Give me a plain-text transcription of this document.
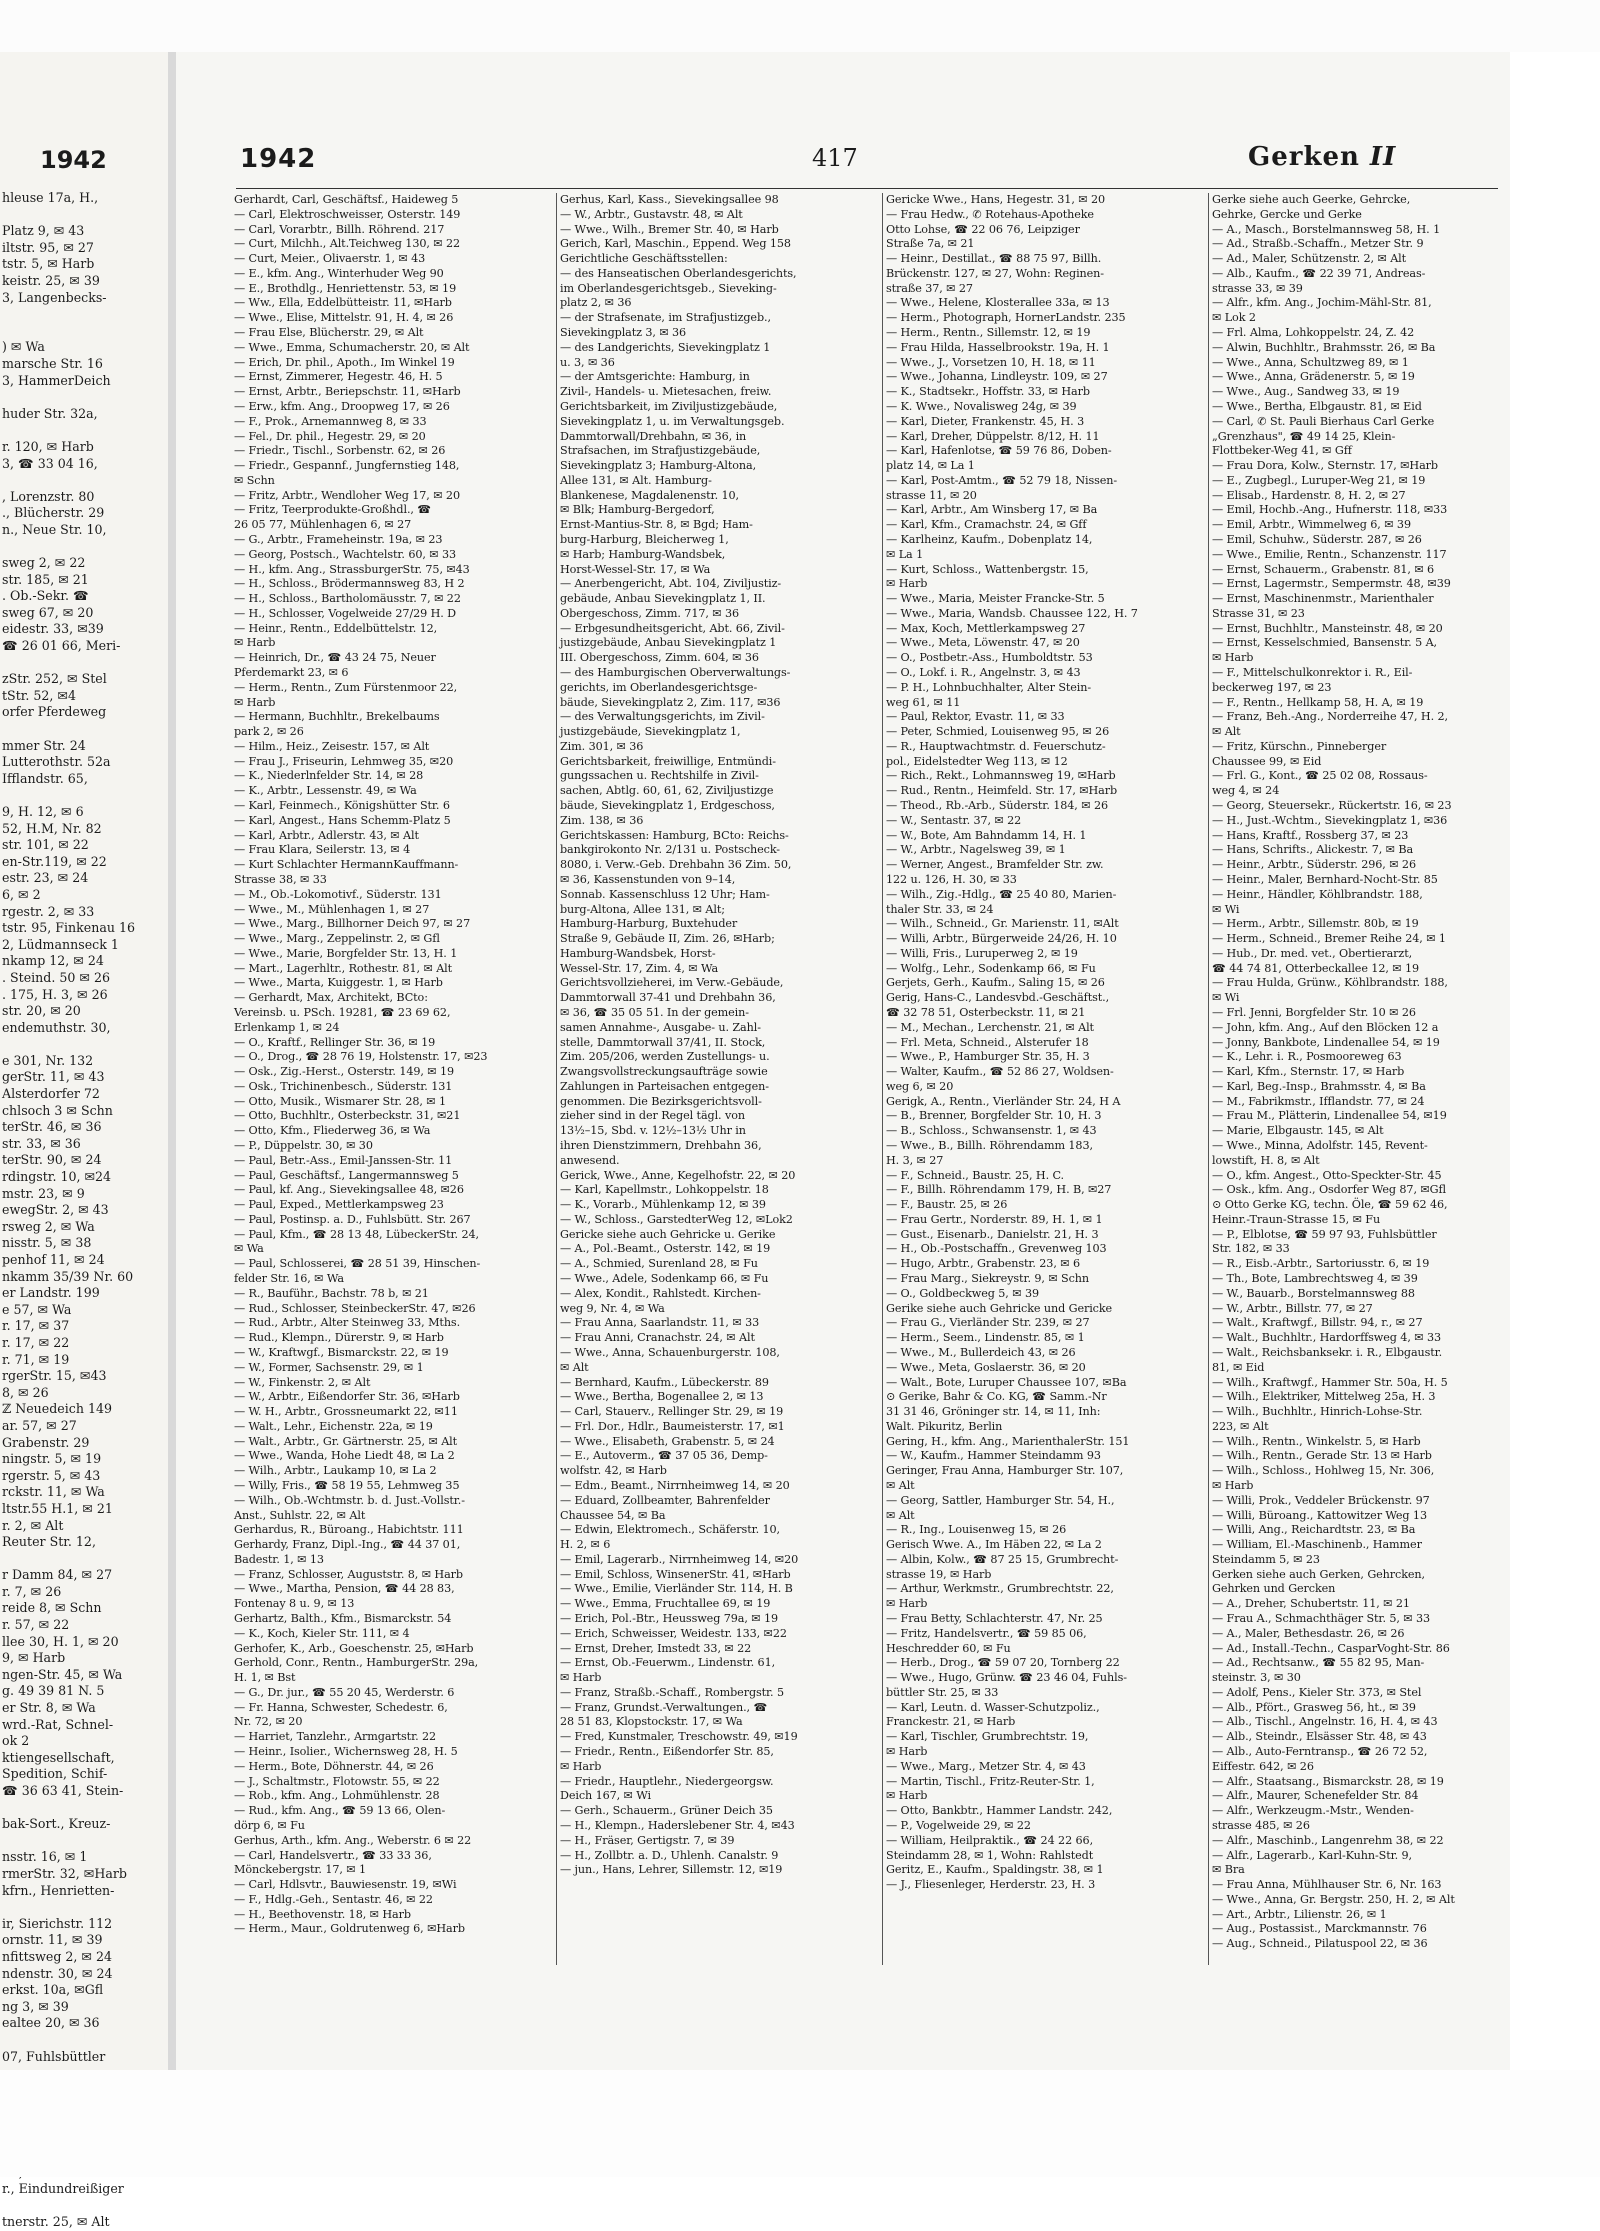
1942
hleuse 17a, H.,

Platz 9, ✉ 43
iltstr. 95, ✉ 27
tstr. 5, ✉ Harb
keistr. 25, ✉ 39
3, Langenbecks-

) ✉ Wa
marsche Str. 16
3, HammerDeich

huder Str. 32a,

r. 120, ✉ Harb
3, ☎ 33 04 16,

, Lorenzstr. 80
., Blücherstr. 29
n., Neue Str. 10,

sweg 2, ✉ 22
str. 185, ✉ 21
. Ob.-Sekr. ☎
sweg 67, ✉ 20
eidestr. 33, ✉39
☎ 26 01 66, Meri-

zStr. 252, ✉ Stel
tStr. 52, ✉4
orfer Pferdeweg

mmer Str. 24
Lutterothstr. 52a
Ifflandstr. 65,

9, H. 12, ✉ 6
52, H.M, Nr. 82
str. 101, ✉ 22
en-Str.119, ✉ 22
estr. 23, ✉ 24
6, ✉ 2
rgestr. 2, ✉ 33
tstr. 95, Finkenau 16
2, Lüdmannseck 1
nkamp 12, ✉ 24
. Steind. 50 ✉ 26
. 175, H. 3, ✉ 26
str. 20, ✉ 20
endemuthstr. 30,

e 301, Nr. 132
gerStr. 11, ✉ 43
Alsterdorfer 72
chlsoch 3 ✉ Schn
terStr. 46, ✉ 36
str. 33, ✉ 36
terStr. 90, ✉ 24
rdingstr. 10, ✉24
mstr. 23, ✉ 9
ewegStr. 2, ✉ 43
rsweg 2, ✉ Wa
nisstr. 5, ✉ 38
penhof 11, ✉ 24
nkamm 35/39 Nr. 60
er Landstr. 199
e 57, ✉ Wa
r. 17, ✉ 37
r. 17, ✉ 22
r. 71, ✉ 19
rgerStr. 15, ✉43
8, ✉ 26
ℤ Neuedeich 149
ar. 57, ✉ 27
Grabenstr. 29
ningstr. 5, ✉ 19
rgerstr. 5, ✉ 43
rckstr. 11, ✉ Wa
ltstr.55 H.1, ✉ 21
r. 2, ✉ Alt
Reuter Str. 12,

r Damm 84, ✉ 27
r. 7, ✉ 26
reide 8, ✉ Schn
r. 57, ✉ 22
llee 30, H. 1, ✉ 20
9, ✉ Harb
ngen-Str. 45, ✉ Wa
g. 49 39 81 N. 5
er Str. 8, ✉ Wa
wrd.-Rat, Schnel-
ok 2
ktiengesellschaft,
Spedition, Schif-
☎ 36 63 41, Stein-

bak-Sort., Kreuz-

nsstr. 16, ✉ 1
rmerStr. 32, ✉Harb
kfrn., Henrietten-

ir, Sierichstr. 112
ornstr. 11, ✉ 39
nfittsweg 2, ✉ 24
ndenstr. 30, ✉ 24
erkst. 10a, ✉Gfl
ng 3, ✉ 39
ealtee 20, ✉ 36

07, Fuhlsbüttler

r., Eindundreißiger

tnerstr. 25, ✉ Alt
1942	417	Gerken II
Gerhardt, Carl, Geschäftsf., Haideweg 5
— Carl, Elektroschweisser, Osterstr. 149
— Carl, Vorarbtr., Billh. Röhrend. 217
— Curt, Milchh., Alt.Teichweg 130, ✉ 22
— Curt, Meier., Olivaerstr. 1, ✉ 43
— E., kfm. Ang., Winterhuder Weg 90
— E., Brothdlg., Henriettenstr. 53, ✉ 19
— Ww., Ella, Eddelbütteistr. 11, ✉Harb
— Wwe., Elise, Mittelstr. 91, H. 4, ✉ 26
— Frau Else, Blücherstr. 29, ✉ Alt
— Wwe., Emma, Schumacherstr. 20, ✉ Alt
— Erich, Dr. phil., Apoth., Im Winkel 19
— Ernst, Zimmerer, Hegestr. 46, H. 5
— Ernst, Arbtr., Beriepschstr. 11, ✉Harb
— Erw., kfm. Ang., Droopweg 17, ✉ 26
— F., Prok., Arnemannweg 8, ✉ 33
— Fel., Dr. phil., Hegestr. 29, ✉ 20
— Friedr., Tischl., Sorbenstr. 62, ✉ 26
— Friedr., Gespannf., Jungfernstieg 148,
✉ Schn
— Fritz, Arbtr., Wendloher Weg 17, ✉ 20
— Fritz, Teerprodukte-Großhdl., ☎
26 05 77, Mühlenhagen 6, ✉ 27
— G., Arbtr., Frameheinstr. 19a, ✉ 23
— Georg, Postsch., Wachtelstr. 60, ✉ 33
— H., kfm. Ang., StrassburgerStr. 75, ✉43
— H., Schloss., Brödermannsweg 83, H 2
— H., Schloss., Bartholomäusstr. 7, ✉ 22
— H., Schlosser, Vogelweide 27/29 H. D
— Heinr., Rentn., Eddelbüttelstr. 12,
✉ Harb
— Heinrich, Dr., ☎ 43 24 75, Neuer
Pferdemarkt 23, ✉ 6
— Herm., Rentn., Zum Fürstenmoor 22,
✉ Harb
— Hermann, Buchhltr., Brekelbaums
park 2, ✉ 26
— Hilm., Heiz., Zeisestr. 157, ✉ Alt
— Frau J., Friseurin, Lehmweg 35, ✉20
— K., Niederlnfelder Str. 14, ✉ 28
— K., Arbtr., Lessenstr. 49, ✉ Wa
— Karl, Feinmech., Königshütter Str. 6
— Karl, Angest., Hans Schemm-Platz 5
— Karl, Arbtr., Adlerstr. 43, ✉ Alt
— Frau Klara, Seilerstr. 13, ✉ 4
— Kurt Schlachter HermannKauffmann-
Strasse 38, ✉ 33
— M., Ob.-Lokomotivf., Süderstr. 131
— Wwe., M., Mühlenhagen 1, ✉ 27
— Wwe., Marg., Billhorner Deich 97, ✉ 27
— Wwe., Marg., Zeppelinstr. 2, ✉ Gfl
— Wwe., Marie, Borgfelder Str. 13, H. 1
— Mart., Lagerhltr., Rothestr. 81, ✉ Alt
— Wwe., Marta, Kuiggestr. 1, ✉ Harb
— Gerhardt, Max, Architekt, BCto:
Vereinsb. u. PSch. 19281, ☎ 23 69 62,
Erlenkamp 1, ✉ 24
— O., Kraftf., Rellinger Str. 36, ✉ 19
— O., Drog., ☎ 28 76 19, Holstenstr. 17, ✉23
— Osk., Zig.-Herst., Osterstr. 149, ✉ 19
— Osk., Trichinenbesch., Süderstr. 131
— Otto, Musik., Wismarer Str. 28, ✉ 1
— Otto, Buchhltr., Osterbeckstr. 31, ✉21
— Otto, Kfm., Fliederweg 36, ✉ Wa
— P., Düppelstr. 30, ✉ 30
— Paul, Betr.-Ass., Emil-Janssen-Str. 11
— Paul, Geschäftsf., Langermannsweg 5
— Paul, kf. Ang., Sievekingsallee 48, ✉26
— Paul, Exped., Mettlerkampsweg 23
— Paul, Postinsp. a. D., Fuhlsbütt. Str. 267
— Paul, Kfm., ☎ 28 13 48, LübeckerStr. 24,
✉ Wa
— Paul, Schlosserei, ☎ 28 51 39, Hinschen-
felder Str. 16, ✉ Wa
— R., Bauführ., Bachstr. 78 b, ✉ 21
— Rud., Schlosser, SteinbeckerStr. 47, ✉26
— Rud., Arbtr., Alter Steinweg 33, Mths.
— Rud., Klempn., Dürerstr. 9, ✉ Harb
— W., Kraftwgf., Bismarckstr. 22, ✉ 19
— W., Former, Sachsenstr. 29, ✉ 1
— W., Finkenstr. 2, ✉ Alt
— W., Arbtr., Eißendorfer Str. 36, ✉Harb
— W. H., Arbtr., Grossneumarkt 22, ✉11
— Walt., Lehr., Eichenstr. 22a, ✉ 19
— Walt., Arbtr., Gr. Gärtnerstr. 25, ✉ Alt
— Wwe., Wanda, Hohe Liedt 48, ✉ La 2
— Wilh., Arbtr., Laukamp 10, ✉ La 2
— Willy, Fris., ☎ 58 19 55, Lehmweg 35
— Wilh., Ob.-Wchtmstr. b. d. Just.-Vollstr.-
Anst., Suhlstr. 22, ✉ Alt
Gerhardus, R., Büroang., Habichtstr. 111
Gerhardy, Franz, Dipl.-Ing., ☎ 44 37 01,
Badestr. 1, ✉ 13
— Franz, Schlosser, Auguststr. 8, ✉ Harb
— Wwe., Martha, Pension, ☎ 44 28 83,
Fontenay 8 u. 9, ✉ 13
Gerhartz, Balth., Kfm., Bismarckstr. 54
— K., Koch, Kieler Str. 111, ✉ 4
Gerhofer, K., Arb., Goeschenstr. 25, ✉Harb
Gerhold, Conr., Rentn., HamburgerStr. 29a,
H. 1, ✉ Bst
— G., Dr. jur., ☎ 55 20 45, Werderstr. 6
— Fr. Hanna, Schwester, Schedestr. 6,
Nr. 72, ✉ 20
— Harriet, Tanzlehr., Armgartstr. 22
— Heinr., Isolier., Wichernsweg 28, H. 5
— Herm., Bote, Döhnerstr. 44, ✉ 26
— J., Schaltmstr., Flotowstr. 55, ✉ 22
— Rob., kfm. Ang., Lohmühlenstr. 28
— Rud., kfm. Ang., ☎ 59 13 66, Olen-
dörp 6, ✉ Fu
Gerhus, Arth., kfm. Ang., Weberstr. 6 ✉ 22
— Carl, Handelsvertr., ☎ 33 33 36,
Mönckebergstr. 17, ✉ 1
— Carl, Hdlsvtr., Bauwiesenstr. 19, ✉Wi
— F., Hdlg.-Geh., Sentastr. 46, ✉ 22
— H., Beethovenstr. 18, ✉ Harb
— Herm., Maur., Goldrutenweg 6, ✉Harb
Gerhus, Karl, Kass., Sievekingsallee 98
— W., Arbtr., Gustavstr. 48, ✉ Alt
— Wwe., Wilh., Bremer Str. 40, ✉ Harb
Gerich, Karl, Maschin., Eppend. Weg 158
Gerichtliche Geschäftsstellen:
— des Hanseatischen Oberlandesgerichts,
im Oberlandesgerichtsgeb., Sieveking-
platz 2, ✉ 36
— der Strafsenate, im Strafjustizgeb.,
Sievekingplatz 3, ✉ 36
— des Landgerichts, Sievekingplatz 1
u. 3, ✉ 36
— der Amtsgerichte: Hamburg, in
Zivil-, Handels- u. Mietesachen, freiw.
Gerichtsbarkeit, im Ziviljustizgebäude,
Sievekingplatz 1, u. im Verwaltungsgeb.
Dammtorwall/Drehbahn, ✉ 36, in
Strafsachen, im Strafjustizgebäude,
Sievekingplatz 3; Hamburg-Altona,
Allee 131, ✉ Alt. Hamburg-
Blankenese, Magdalenenstr. 10,
✉ Blk; Hamburg-Bergedorf,
Ernst-Mantius-Str. 8, ✉ Bgd; Ham-
burg-Harburg, Bleicherweg 1,
✉ Harb; Hamburg-Wandsbek,
Horst-Wessel-Str. 17, ✉ Wa
— Anerbengericht, Abt. 104, Ziviljustiz-
gebäude, Anbau Sievekingplatz 1, II.
Obergeschoss, Zimm. 717, ✉ 36
— Erbgesundheitsgericht, Abt. 66, Zivil-
justizgebäude, Anbau Sievekingplatz 1
III. Obergeschoss, Zimm. 604, ✉ 36
— des Hamburgischen Oberverwaltungs-
gerichts, im Oberlandesgerichtsge-
bäude, Sievekingplatz 2, Zim. 117, ✉36
— des Verwaltungsgerichts, im Zivil-
justizgebäude, Sievekingplatz 1,
Zim. 301, ✉ 36
Gerichtsbarkeit, freiwillige, Entmündi-
gungssachen u. Rechtshilfe in Zivil-
sachen, Abtlg. 60, 61, 62, Ziviljustizge
bäude, Sievekingplatz 1, Erdgeschoss,
Zim. 138, ✉ 36
Gerichtskassen: Hamburg, BCto: Reichs-
bankgirokonto Nr. 2/131 u. Postscheck-
8080, i. Verw.-Geb. Drehbahn 36 Zim. 50,
✉ 36, Kassenstunden von 9–14,
Sonnab. Kassenschluss 12 Uhr; Ham-
burg-Altona, Allee 131, ✉ Alt;
Hamburg-Harburg, Buxtehuder
Straße 9, Gebäude II, Zim. 26, ✉Harb;
Hamburg-Wandsbek, Horst-
Wessel-Str. 17, Zim. 4, ✉ Wa
Gerichtsvollzieherei, im Verw.-Gebäude,
Dammtorwall 37-41 und Drehbahn 36,
✉ 36, ☎ 35 05 51. In der gemein-
samen Annahme-, Ausgabe- u. Zahl-
stelle, Dammtorwall 37/41, II. Stock,
Zim. 205/206, werden Zustellungs- u.
Zwangsvollstreckungsaufträge sowie
Zahlungen in Parteisachen entgegen-
genommen. Die Bezirksgerichtsvoll-
zieher sind in der Regel tägl. von
13½–15, Sbd. v. 12½–13½ Uhr in
ihren Dienstzimmern, Drehbahn 36,
anwesend.
Gerick, Wwe., Anne, Kegelhofstr. 22, ✉ 20
— Karl, Kapellmstr., Lohkoppelstr. 18
— K., Vorarb., Mühlenkamp 12, ✉ 39
— W., Schloss., GarstedterWeg 12, ✉Lok2
Gericke siehe auch Gehricke u. Gerike
— A., Pol.-Beamt., Osterstr. 142, ✉ 19
— A., Schmied, Surenland 28, ✉ Fu
— Wwe., Adele, Sodenkamp 66, ✉ Fu
— Alex, Kondit., Rahlstedt. Kirchen-
weg 9, Nr. 4, ✉ Wa
— Frau Anna, Saarlandstr. 11, ✉ 33
— Frau Anni, Cranachstr. 24, ✉ Alt
— Wwe., Anna, Schauenburgerstr. 108,
✉ Alt
— Bernhard, Kaufm., Lübeckerstr. 89
— Wwe., Bertha, Bogenallee 2, ✉ 13
— Carl, Stauerv., Rellinger Str. 29, ✉ 19
— Frl. Dor., Hdlr., Baumeisterstr. 17, ✉1
— Wwe., Elisabeth, Grabenstr. 5, ✉ 24
— E., Autoverm., ☎ 37 05 36, Demp-
wolfstr. 42, ✉ Harb
— Edm., Beamt., Nirrnheimweg 14, ✉ 20
— Eduard, Zollbeamter, Bahrenfelder
Chaussee 54, ✉ Ba
— Edwin, Elektromech., Schäferstr. 10,
H. 2, ✉ 6
— Emil, Lagerarb., Nirrnheimweg 14, ✉20
— Emil, Schloss, WinsenerStr. 41, ✉Harb
— Wwe., Emilie, Vierländer Str. 114, H. B
— Wwe., Emma, Fruchtallee 69, ✉ 19
— Erich, Pol.-Btr., Heussweg 79a, ✉ 19
— Erich, Schweisser, Weidestr. 133, ✉22
— Ernst, Dreher, Imstedt 33, ✉ 22
— Ernst, Ob.-Feuerwm., Lindenstr. 61,
✉ Harb
— Franz, Straßb.-Schaff., Rombergstr. 5
— Franz, Grundst.-Verwaltungen., ☎
28 51 83, Klopstockstr. 17, ✉ Wa
— Fred, Kunstmaler, Treschowstr. 49, ✉19
— Friedr., Rentn., Eißendorfer Str. 85,
✉ Harb
— Friedr., Hauptlehr., Niedergeorgsw.
Deich 167, ✉ Wi
— Gerh., Schauerm., Grüner Deich 35
— H., Klempn., Haderslebener Str. 4, ✉43
— H., Fräser, Gertigstr. 7, ✉ 39
— H., Zollbtr. a. D., Uhlenh. Canalstr. 9
— jun., Hans, Lehrer, Sillemstr. 12, ✉19
Gericke Wwe., Hans, Hegestr. 31, ✉ 20
— Frau Hedw., ✆ Rotehaus-Apotheke
Otto Lohse, ☎ 22 06 76, Leipziger
Straße 7a, ✉ 21
— Heinr., Destillat., ☎ 88 75 97, Billh.
Brückenstr. 127, ✉ 27, Wohn: Reginen-
straße 37, ✉ 27
— Wwe., Helene, Klosterallee 33a, ✉ 13
— Herm., Photograph, HornerLandstr. 235
— Herm., Rentn., Sillemstr. 12, ✉ 19
— Frau Hilda, Hasselbrookstr. 19a, H. 1
— Wwe., J., Vorsetzen 10, H. 18, ✉ 11
— Wwe., Johanna, Lindleystr. 109, ✉ 27
— K., Stadtsekr., Hoffstr. 33, ✉ Harb
— K. Wwe., Novalisweg 24g, ✉ 39
— Karl, Dieter, Frankenstr. 45, H. 3
— Karl, Dreher, Düppelstr. 8/12, H. 11
— Karl, Hafenlotse, ☎ 59 76 86, Doben-
platz 14, ✉ La 1
— Karl, Post-Amtm., ☎ 52 79 18, Nissen-
strasse 11, ✉ 20
— Karl, Arbtr., Am Winsberg 17, ✉ Ba
— Karl, Kfm., Cramachstr. 24, ✉ Gff
— Karlheinz, Kaufm., Dobenplatz 14,
✉ La 1
— Kurt, Schloss., Wattenbergstr. 15,
✉ Harb
— Wwe., Maria, Meister Francke-Str. 5
— Wwe., Maria, Wandsb. Chaussee 122, H. 7
— Max, Koch, Mettlerkampsweg 27
— Wwe., Meta, Löwenstr. 47, ✉ 20
— O., Postbetr.-Ass., Humboldtstr. 53
— O., Lokf. i. R., Angelnstr. 3, ✉ 43
— P. H., Lohnbuchhalter, Alter Stein-
weg 61, ✉ 11
— Paul, Rektor, Evastr. 11, ✉ 33
— Peter, Schmied, Louisenweg 95, ✉ 26
— R., Hauptwachtmstr. d. Feuerschutz-
pol., Eidelstedter Weg 113, ✉ 12
— Rich., Rekt., Lohmannsweg 19, ✉Harb
— Rud., Rentn., Heimfeld. Str. 17, ✉Harb
— Theod., Rb.-Arb., Süderstr. 184, ✉ 26
— W., Sentastr. 37, ✉ 22
— W., Bote, Am Bahndamm 14, H. 1
— W., Arbtr., Nagelsweg 39, ✉ 1
— Werner, Angest., Bramfelder Str. zw.
122 u. 126, H. 30, ✉ 33
— Wilh., Zig.-Hdlg., ☎ 25 40 80, Marien-
thaler Str. 33, ✉ 24
— Wilh., Schneid., Gr. Marienstr. 11, ✉Alt
— Willi, Arbtr., Bürgerweide 24/26, H. 10
— Willi, Fris., Luruperweg 2, ✉ 19
— Wolfg., Lehr., Sodenkamp 66, ✉ Fu
Gerjets, Gerh., Kaufm., Saling 15, ✉ 26
Gerig, Hans-C., Landesvbd.-Geschäftst.,
☎ 32 78 51, Osterbeckstr. 11, ✉ 21
— M., Mechan., Lerchenstr. 21, ✉ Alt
— Frl. Meta, Schneid., Alsterufer 18
— Wwe., P., Hamburger Str. 35, H. 3
— Walter, Kaufm., ☎ 52 86 27, Woldsen-
weg 6, ✉ 20
Gerigk, A., Rentn., Vierländer Str. 24, H A
— B., Brenner, Borgfelder Str. 10, H. 3
— B., Schloss., Schwansenstr. 1, ✉ 43
— Wwe., B., Billh. Röhrendamm 183,
H. 3, ✉ 27
— F., Schneid., Baustr. 25, H. C.
— F., Billh. Röhrendamm 179, H. B, ✉27
— F., Baustr. 25, ✉ 26
— Frau Gertr., Norderstr. 89, H. 1, ✉ 1
— Gust., Eisenarb., Danielstr. 21, H. 3
— H., Ob.-Postschaffn., Grevenweg 103
— Hugo, Arbtr., Grabenstr. 23, ✉ 6
— Frau Marg., Siekreystr. 9, ✉ Schn
— O., Goldbeckweg 5, ✉ 39
Gerike siehe auch Gehricke und Gericke
— Frau G., Vierländer Str. 239, ✉ 27
— Herm., Seem., Lindenstr. 85, ✉ 1
— Wwe., M., Bullerdeich 43, ✉ 26
— Wwe., Meta, Goslaerstr. 36, ✉ 20
— Walt., Bote, Luruper Chaussee 107, ✉Ba
⊙ Gerike, Bahr & Co. KG, ☎ Samm.-Nr
31 31 46, Gröninger str. 14, ✉ 11, Inh:
Walt. Pikuritz, Berlin
Gering, H., kfm. Ang., MarienthalerStr. 151
— W., Kaufm., Hammer Steindamm 93
Geringer, Frau Anna, Hamburger Str. 107,
✉ Alt
— Georg, Sattler, Hamburger Str. 54, H.,
✉ Alt
— R., Ing., Louisenweg 15, ✉ 26
Gerisch Wwe. A., Im Häben 22, ✉ La 2
— Albin, Kolw., ☎ 87 25 15, Grumbrecht-
strasse 19, ✉ Harb
— Arthur, Werkmstr., Grumbrechtstr. 22,
✉ Harb
— Frau Betty, Schlachterstr. 47, Nr. 25
— Fritz, Handelsvertr., ☎ 59 85 06,
Heschredder 60, ✉ Fu
— Herb., Drog., ☎ 59 07 20, Tornberg 22
— Wwe., Hugo, Grünw. ☎ 23 46 04, Fuhls-
büttler Str. 25, ✉ 33
— Karl, Leutn. d. Wasser-Schutzpoliz.,
Franckestr. 21, ✉ Harb
— Karl, Tischler, Grumbrechtstr. 19,
✉ Harb
— Wwe., Marg., Metzer Str. 4, ✉ 43
— Martin, Tischl., Fritz-Reuter-Str. 1,
✉ Harb
— Otto, Bankbtr., Hammer Landstr. 242,
— P., Vogelweide 29, ✉ 22
— William, Heilpraktik., ☎ 24 22 66,
Steindamm 28, ✉ 1, Wohn: Rahlstedt
Geritz, E., Kaufm., Spaldingstr. 38, ✉ 1
— J., Fliesenleger, Herderstr. 23, H. 3
Gerke siehe auch Geerke, Gehrcke,
Gehrke, Gercke und Gerke
— A., Masch., Borstelmannsweg 58, H. 1
— Ad., Straßb.-Schaffn., Metzer Str. 9
— Ad., Maler, Schützenstr. 2, ✉ Alt
— Alb., Kaufm., ☎ 22 39 71, Andreas-
strasse 33, ✉ 39
— Alfr., kfm. Ang., Jochim-Mähl-Str. 81,
✉ Lok 2
— Frl. Alma, Lohkoppelstr. 24, Z. 42
— Alwin, Buchhltr., Brahmsstr. 26, ✉ Ba
— Wwe., Anna, Schultzweg 89, ✉ 1
— Wwe., Anna, Grädenerstr. 5, ✉ 19
— Wwe., Aug., Sandweg 33, ✉ 19
— Wwe., Bertha, Elbgaustr. 81, ✉ Eid
— Carl, ✆ St. Pauli Bierhaus Carl Gerke
„Grenzhaus", ☎ 49 14 25, Klein-
Flottbeker-Weg 41, ✉ Gff
— Frau Dora, Kolw., Sternstr. 17, ✉Harb
— E., Zugbegl., Luruper-Weg 21, ✉ 19
— Elisab., Hardenstr. 8, H. 2, ✉ 27
— Emil, Hochb.-Ang., Hufnerstr. 118, ✉33
— Emil, Arbtr., Wimmelweg 6, ✉ 39
— Emil, Schuhw., Süderstr. 287, ✉ 26
— Wwe., Emilie, Rentn., Schanzenstr. 117
— Ernst, Schauerm., Grabenstr. 81, ✉ 6
— Ernst, Lagermstr., Sempermstr. 48, ✉39
— Ernst, Maschinenmstr., Marienthaler
Strasse 31, ✉ 23
— Ernst, Buchhltr., Mansteinstr. 48, ✉ 20
— Ernst, Kesselschmied, Bansenstr. 5 A,
✉ Harb
— F., Mittelschulkonrektor i. R., Eil-
beckerweg 197, ✉ 23
— F., Rentn., Hellkamp 58, H. A, ✉ 19
— Franz, Beh.-Ang., Norderreihe 47, H. 2,
✉ Alt
— Fritz, Kürschn., Pinneberger
Chaussee 99, ✉ Eid
— Frl. G., Kont., ☎ 25 02 08, Rossaus-
weg 4, ✉ 24
— Georg, Steuersekr., Rückertstr. 16, ✉ 23
— H., Just.-Wchtm., Sievekingplatz 1, ✉36
— Hans, Kraftf., Rossberg 37, ✉ 23
— Hans, Schrifts., Alickestr. 7, ✉ Ba
— Heinr., Arbtr., Süderstr. 296, ✉ 26
— Heinr., Maler, Bernhard-Nocht-Str. 85
— Heinr., Händler, Köhlbrandstr. 188,
✉ Wi
— Herm., Arbtr., Sillemstr. 80b, ✉ 19
— Herm., Schneid., Bremer Reihe 24, ✉ 1
— Hub., Dr. med. vet., Obertierarzt,
☎ 44 74 81, Otterbeckallee 12, ✉ 19
— Frau Hulda, Grünw., Köhlbrandstr. 188,
✉ Wi
— Frl. Jenni, Borgfelder Str. 10 ✉ 26
— John, kfm. Ang., Auf den Blöcken 12 a
— Jonny, Bankbote, Lindenallee 54, ✉ 19
— K., Lehr. i. R., Posmooreweg 63
— Karl, Kfm., Sternstr. 17, ✉ Harb
— Karl, Beg.-Insp., Brahmsstr. 4, ✉ Ba
— M., Fabrikmstr., Ifflandstr. 77, ✉ 24
— Frau M., Plätterin, Lindenallee 54, ✉19
— Marie, Elbgaustr. 145, ✉ Alt
— Wwe., Minna, Adolfstr. 145, Revent-
lowstift, H. 8, ✉ Alt
— O., kfm. Angest., Otto-Speckter-Str. 45
— Osk., kfm. Ang., Osdorfer Weg 87, ✉Gfl
⊙ Otto Gerke KG, techn. Öle, ☎ 59 62 46,
Heinr.-Traun-Strasse 15, ✉ Fu
— P., Elblotse, ☎ 59 97 93, Fuhlsbüttler
Str. 182, ✉ 33
— R., Eisb.-Arbtr., Sartoriusstr. 6, ✉ 19
— Th., Bote, Lambrechtsweg 4, ✉ 39
— W., Bauarb., Borstelmannsweg 88
— W., Arbtr., Billstr. 77, ✉ 27
— Walt., Kraftwgf., Billstr. 94, r., ✉ 27
— Walt., Buchhltr., Hardorffsweg 4, ✉ 33
— Walt., Reichsbanksekr. i. R., Elbgaustr.
81, ✉ Eid
— Wilh., Kraftwgf., Hammer Str. 50a, H. 5
— Wilh., Elektriker, Mittelweg 25a, H. 3
— Wilh., Buchhltr., Hinrich-Lohse-Str.
223, ✉ Alt
— Wilh., Rentn., Winkelstr. 5, ✉ Harb
— Wilh., Rentn., Gerade Str. 13 ✉ Harb
— Wilh., Schloss., Hohlweg 15, Nr. 306,
✉ Harb
— Willi, Prok., Veddeler Brückenstr. 97
— Willi, Büroang., Kattowitzer Weg 13
— Willi, Ang., Reichardtstr. 23, ✉ Ba
— William, El.-Maschinenb., Hammer
Steindamm 5, ✉ 23
Gerken siehe auch Gerken, Gehrcken,
Gehrken und Gercken
— A., Dreher, Schubertstr. 11, ✉ 21
— Frau A., Schmachthäger Str. 5, ✉ 33
— A., Maler, Bethesdastr. 26, ✉ 26
— Ad., Install.-Techn., CasparVoght-Str. 86
— Ad., Rechtsanw., ☎ 55 82 95, Man-
steinstr. 3, ✉ 30
— Adolf, Pens., Kieler Str. 373, ✉ Stel
— Alb., Pfört., Grasweg 56, ht., ✉ 39
— Alb., Tischl., Angelnstr. 16, H. 4, ✉ 43
— Alb., Steindr., Elsässer Str. 48, ✉ 43
— Alb., Auto-Ferntransp., ☎ 26 72 52,
Eiffestr. 642, ✉ 26
— Alfr., Staatsang., Bismarckstr. 28, ✉ 19
— Alfr., Maurer, Schenefelder Str. 84
— Alfr., Werkzeugm.-Mstr., Wenden-
strasse 485, ✉ 26
— Alfr., Maschinb., Langenrehm 38, ✉ 22
— Alfr., Lagerarb., Karl-Kuhn-Str. 9,
✉ Bra
— Frau Anna, Mühlhauser Str. 6, Nr. 163
— Wwe., Anna, Gr. Bergstr. 250, H. 2, ✉ Alt
— Art., Arbtr., Lilienstr. 26, ✉ 1
— Aug., Postassist., Marckmannstr. 76
— Aug., Schneid., Pilatuspool 22, ✉ 36
